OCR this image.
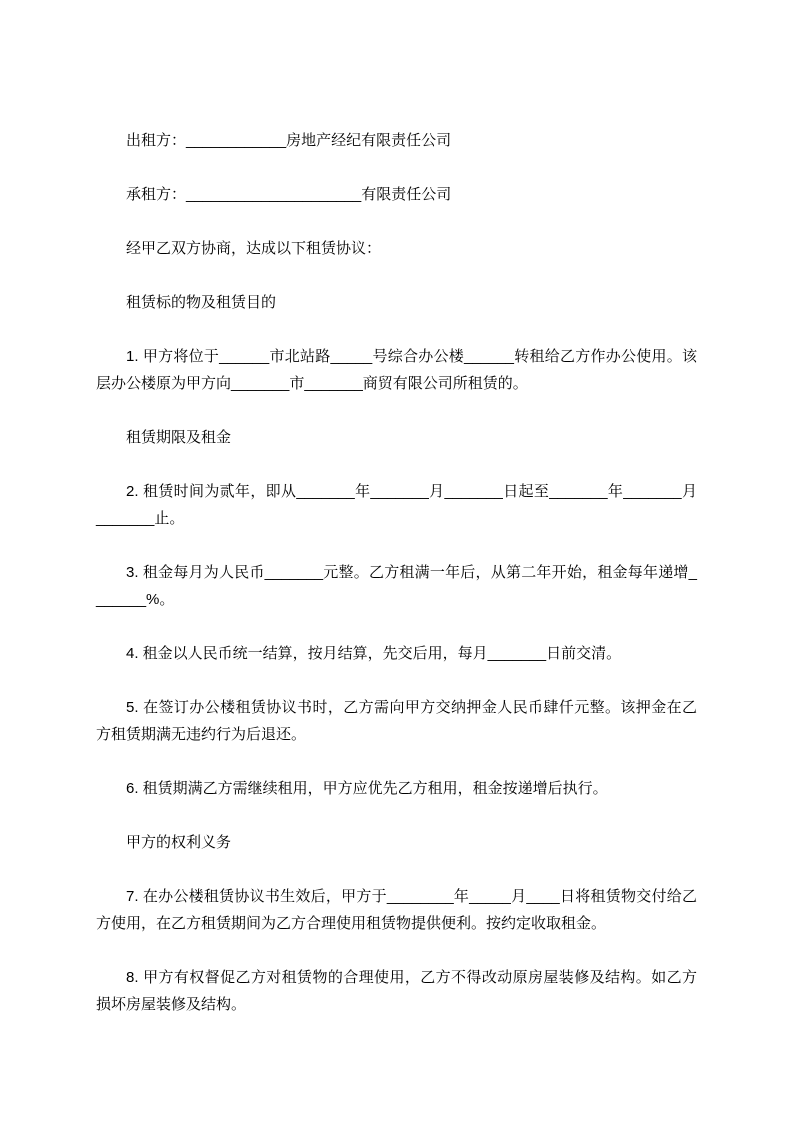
出租方：____________房地产经纪有限责任公司

承租方：_____________________有限责任公司

经甲乙双方协商，达成以下租赁协议：

租赁标的物及租赁目的

1. 甲方将位于______市北站路_____号综合办公楼______转租给乙方作办公使用。该层办公楼原为甲方向_______市_______商贸有限公司所租赁的。

租赁期限及租金

2. 租赁时间为贰年，即从_______年_______月_______日起至_______年_______月_______止。

3. 租金每月为人民币_______元整。乙方租满一年后，从第二年开始，租金每年递增_______%。

4. 租金以人民币统一结算，按月结算，先交后用，每月_______日前交清。

5. 在签订办公楼租赁协议书时，乙方需向甲方交纳押金人民币肆仟元整。该押金在乙方租赁期满无违约行为后退还。

6. 租赁期满乙方需继续租用，甲方应优先乙方租用，租金按递增后执行。

甲方的权利义务

7. 在办公楼租赁协议书生效后，甲方于________年_____月____日将租赁物交付给乙方使用，在乙方租赁期间为乙方合理使用租赁物提供便利。按约定收取租金。

8. 甲方有权督促乙方对租赁物的合理使用，乙方不得改动原房屋装修及结构。如乙方损坏房屋装修及结构。
